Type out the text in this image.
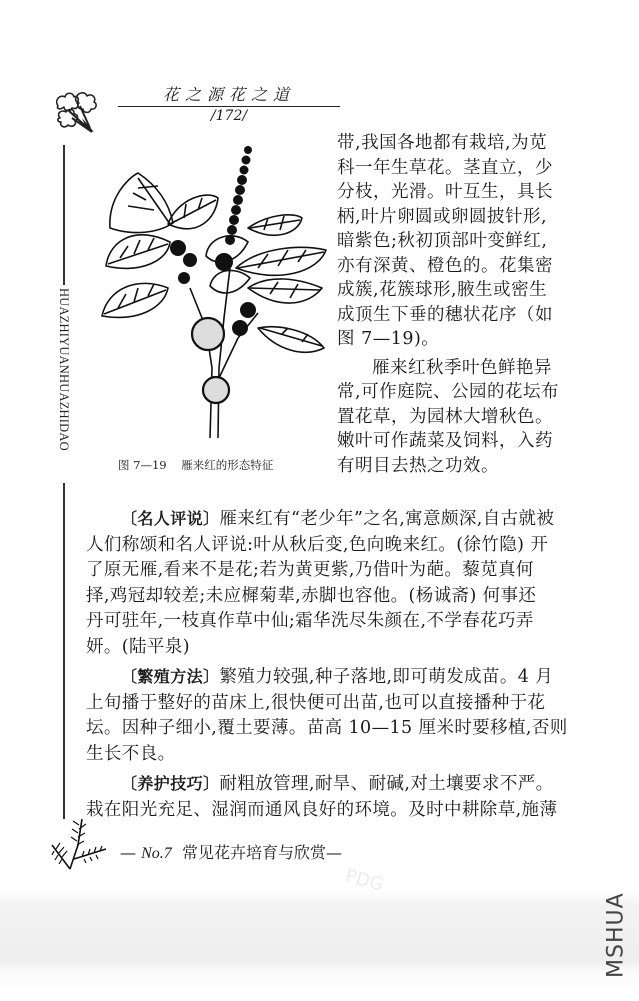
花之源花之道
/172/
HUAZHIYUANHUAZHIDAO
图 7—19    雁来红的形态特征
带,我国各地都有栽培,为苋
科一年生草花。茎直立，少
分枝，光滑。叶互生，具长
柄,叶片卵圆或卵圆披针形,
暗紫色;秋初顶部叶变鲜红,
亦有深黄、橙色的。花集密
成簇,花簇球形,腋生或密生
成顶生下垂的穗状花序（如
图 7—19)。
雁来红秋季叶色鲜艳异
常,可作庭院、公园的花坛布
置花草，为园林大增秋色。
嫩叶可作蔬菜及饲料，入药
有明目去热之功效。
〔名人评说〕雁来红有“老少年”之名,寓意颇深,自古就被
人们称颂和名人评说:叶从秋后变,色向晚来红。(徐竹隐) 开
了原无雁,看来不是花;若为黄更紫,乃借叶为葩。藜苋真何
择,鸡冠却较差;未应樨菊辈,赤脚也容他。(杨诚斋) 何事还
丹可驻年,一枝真作草中仙;霜华洗尽朱颜在,不学春花巧弄
妍。(陆平泉)
〔繁殖方法〕繁殖力较强,种子落地,即可萌发成苗。4 月
上旬播于整好的苗床上,很快便可出苗,也可以直接播种于花
坛。因种子细小,覆土要薄。苗高 10—15 厘米时要移植,否则
生长不良。
〔养护技巧〕耐粗放管理,耐旱、耐碱,对土壤要求不严。
栽在阳光充足、湿润而通风良好的环境。及时中耕除草,施薄
— No.7  常见花卉培育与欣赏—
PDG
MSHUA
